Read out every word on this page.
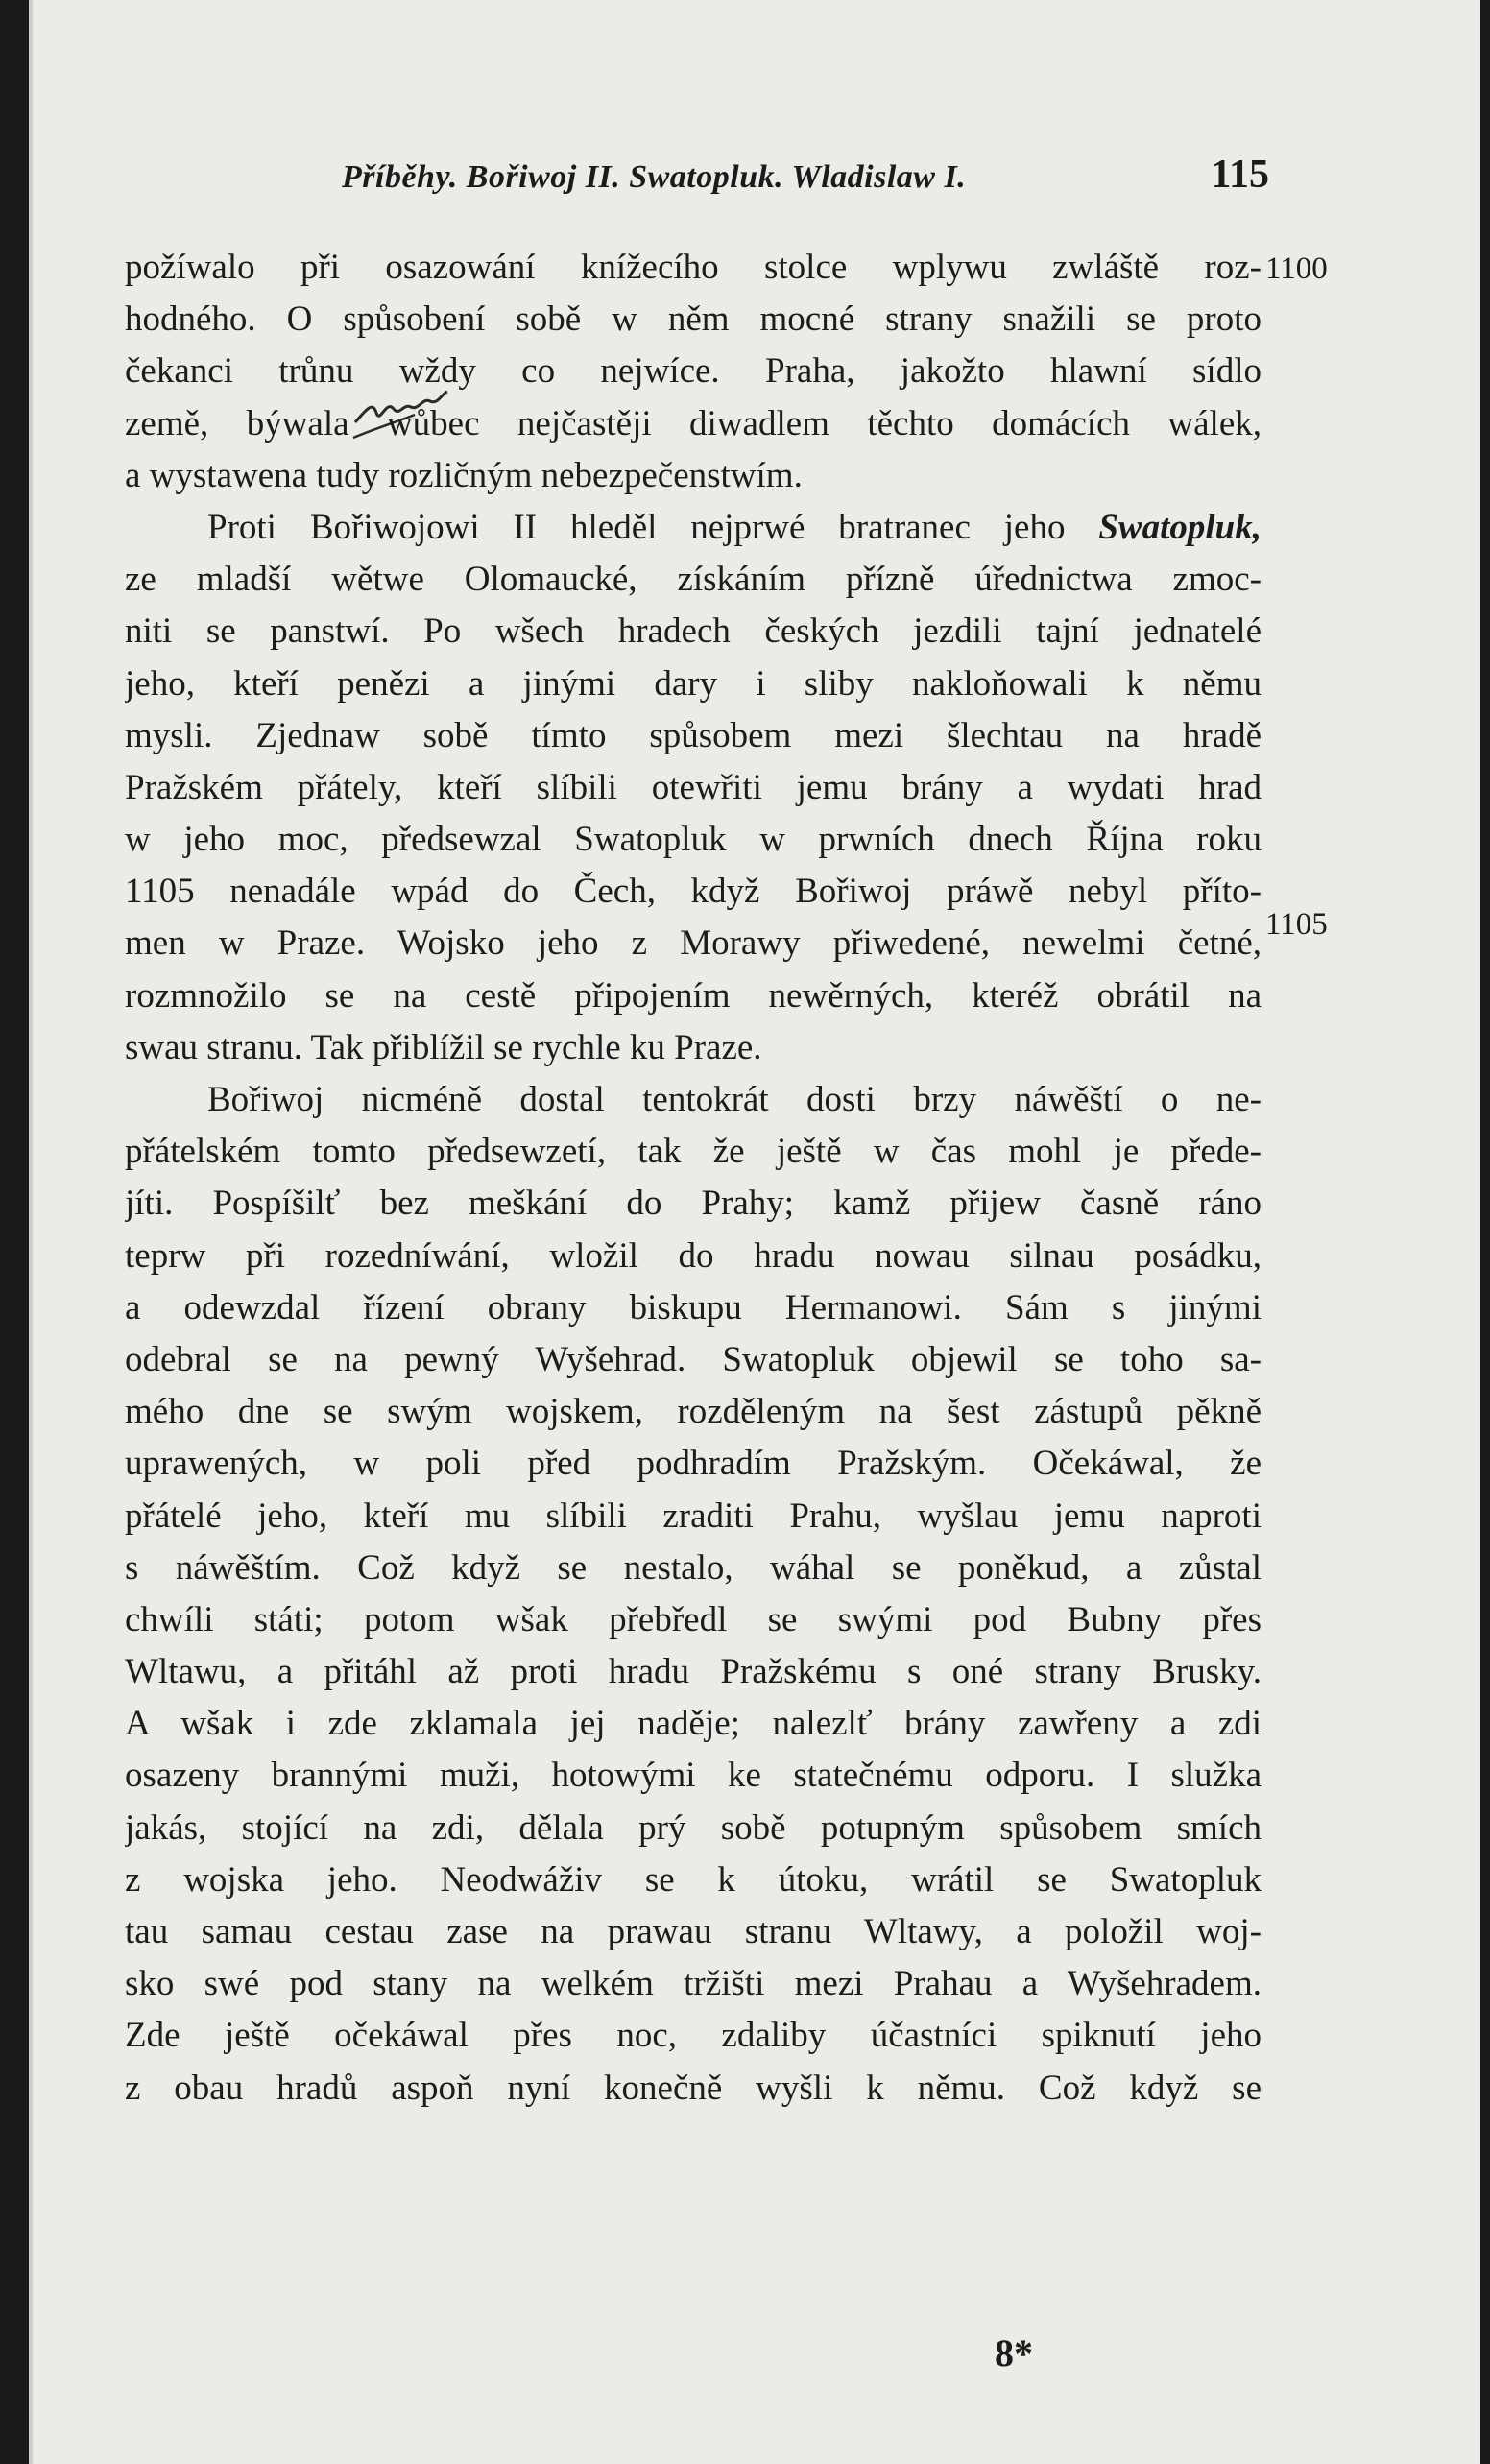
Příběhy. Bořiwoj II. Swatopluk. Wladislaw I.	115
požíwalo při osazowání knížecího stolce wplywu zwláště roz-
hodného. O spůsobení sobě w něm mocné strany snažili se proto
čekanci trůnu wždy co nejwíce. Praha, jakožto hlawní sídlo
země, býwala wůbec nejčastěji diwadlem těchto domácích wálek,
a wystawena tudy rozličným nebezpečenstwím.
Proti Bořiwojowi II hleděl nejprwé bratranec jeho Swatopluk,
ze mladší wětwe Olomaucké, získáním přízně úřednictwa zmoc-
niti se panstwí. Po wšech hradech českých jezdili tajní jednatelé
jeho, kteří penězi a jinými dary i sliby nakloňowali k němu
mysli. Zjednaw sobě tímto spůsobem mezi šlechtau na hradě
Pražském přátely, kteří slíbili otewřiti jemu brány a wydati hrad
w jeho moc, předsewzal Swatopluk w prwních dnech Října roku
1105 nenadále wpád do Čech, když Bořiwoj práwě nebyl příto-
men w Praze. Wojsko jeho z Morawy přiwedené, newelmi četné,
rozmnožilo se na cestě připojením newěrných, kteréž obrátil na
swau stranu. Tak přiblížil se rychle ku Praze.
Bořiwoj nicméně dostal tentokrát dosti brzy náwěští o ne-
přátelském tomto předsewzetí, tak že ještě w čas mohl je přede-
jíti. Pospíšilť bez meškání do Prahy; kamž přijew časně ráno
teprw při rozedníwání, wložil do hradu nowau silnau posádku,
a odewzdal řízení obrany biskupu Hermanowi. Sám s jinými
odebral se na pewný Wyšehrad. Swatopluk objewil se toho sa-
mého dne se swým wojskem, rozděleným na šest zástupů pěkně
uprawených, w poli před podhradím Pražským. Očekáwal, že
přátelé jeho, kteří mu slíbili zraditi Prahu, wyšlau jemu naproti
s náwěštím. Což když se nestalo, wáhal se poněkud, a zůstal
chwíli státi; potom wšak přebředl se swými pod Bubny přes
Wltawu, a přitáhl až proti hradu Pražskému s oné strany Brusky.
A wšak i zde zklamala jej naděje; nalezlť brány zawřeny a zdi
osazeny brannými muži, hotowými ke statečnému odporu. I služka
jakás, stojící na zdi, dělala prý sobě potupným spůsobem smích
z wojska jeho. Neodwáživ se k útoku, wrátil se Swatopluk
tau samau cestau zase na prawau stranu Wltawy, a položil woj-
sko swé pod stany na welkém tržišti mezi Prahau a Wyšehradem.
Zde ještě očekáwal přes noc, zdaliby účastníci spiknutí jeho
z obau hradů aspoň nyní konečně wyšli k němu. Což když se
1100
1105
8*
